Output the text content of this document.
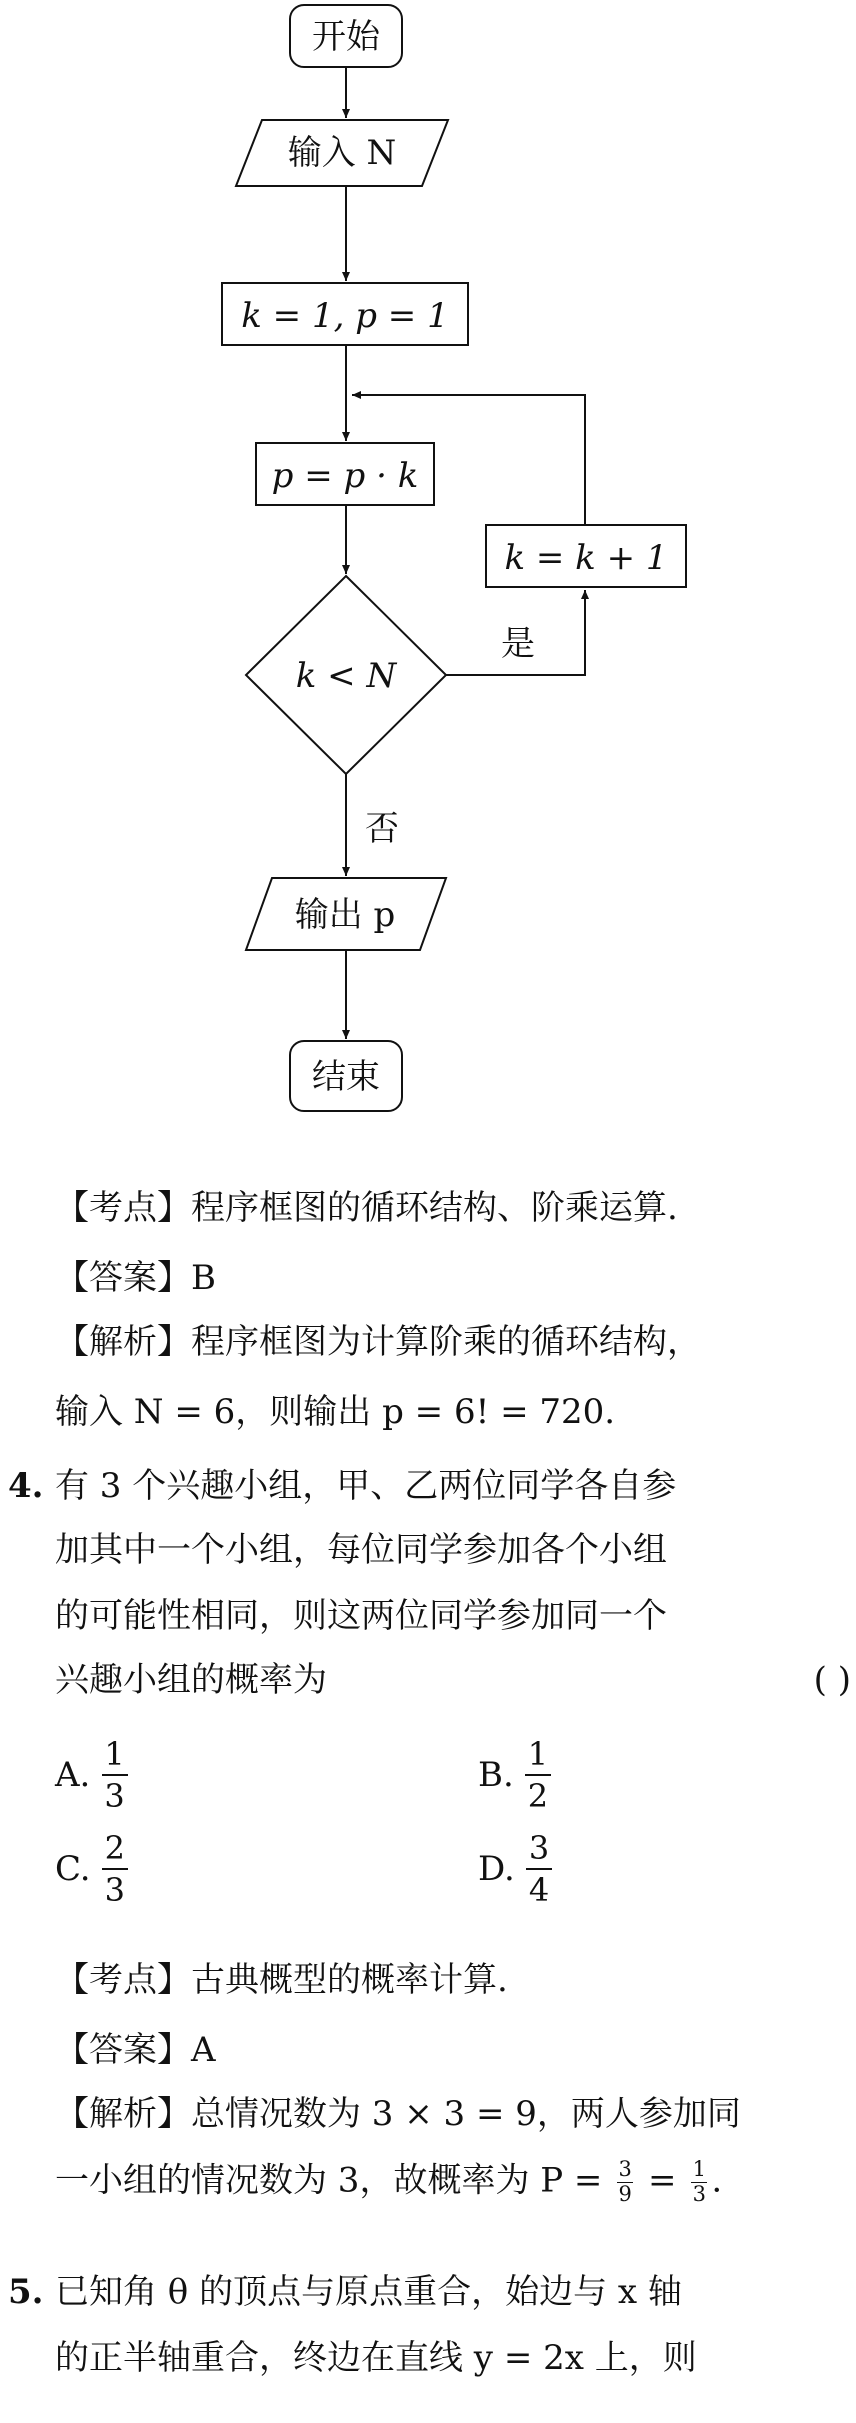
开始
输入 N
k = 1, p = 1
p = p · k
k = k + 1
k < N
是
否
输出 p
结束
【考点】程序框图的循环结构、阶乘运算.
【答案】B
【解析】程序框图为计算阶乘的循环结构，
输入 N = 6，则输出 p = 6! = 720.
4. 有 3 个兴趣小组，甲、乙两位同学各自参
加其中一个小组，每位同学参加各个小组
的可能性相同，则这两位同学参加同一个
兴趣小组的概率为	( )
A. $\frac{1}{3}$	B. $\frac{1}{2}$
C. $\frac{2}{3}$	D. $\frac{3}{4}$
【考点】古典概型的概率计算.
【答案】A
【解析】总情况数为 3 × 3 = 9，两人参加同
一小组的情况数为 3，故概率为 $P = \frac{3}{9} = \frac{1}{3}$ .
5. 已知角 θ 的顶点与原点重合，始边与 x 轴
的正半轴重合，终边在直线 y = 2x 上，则
